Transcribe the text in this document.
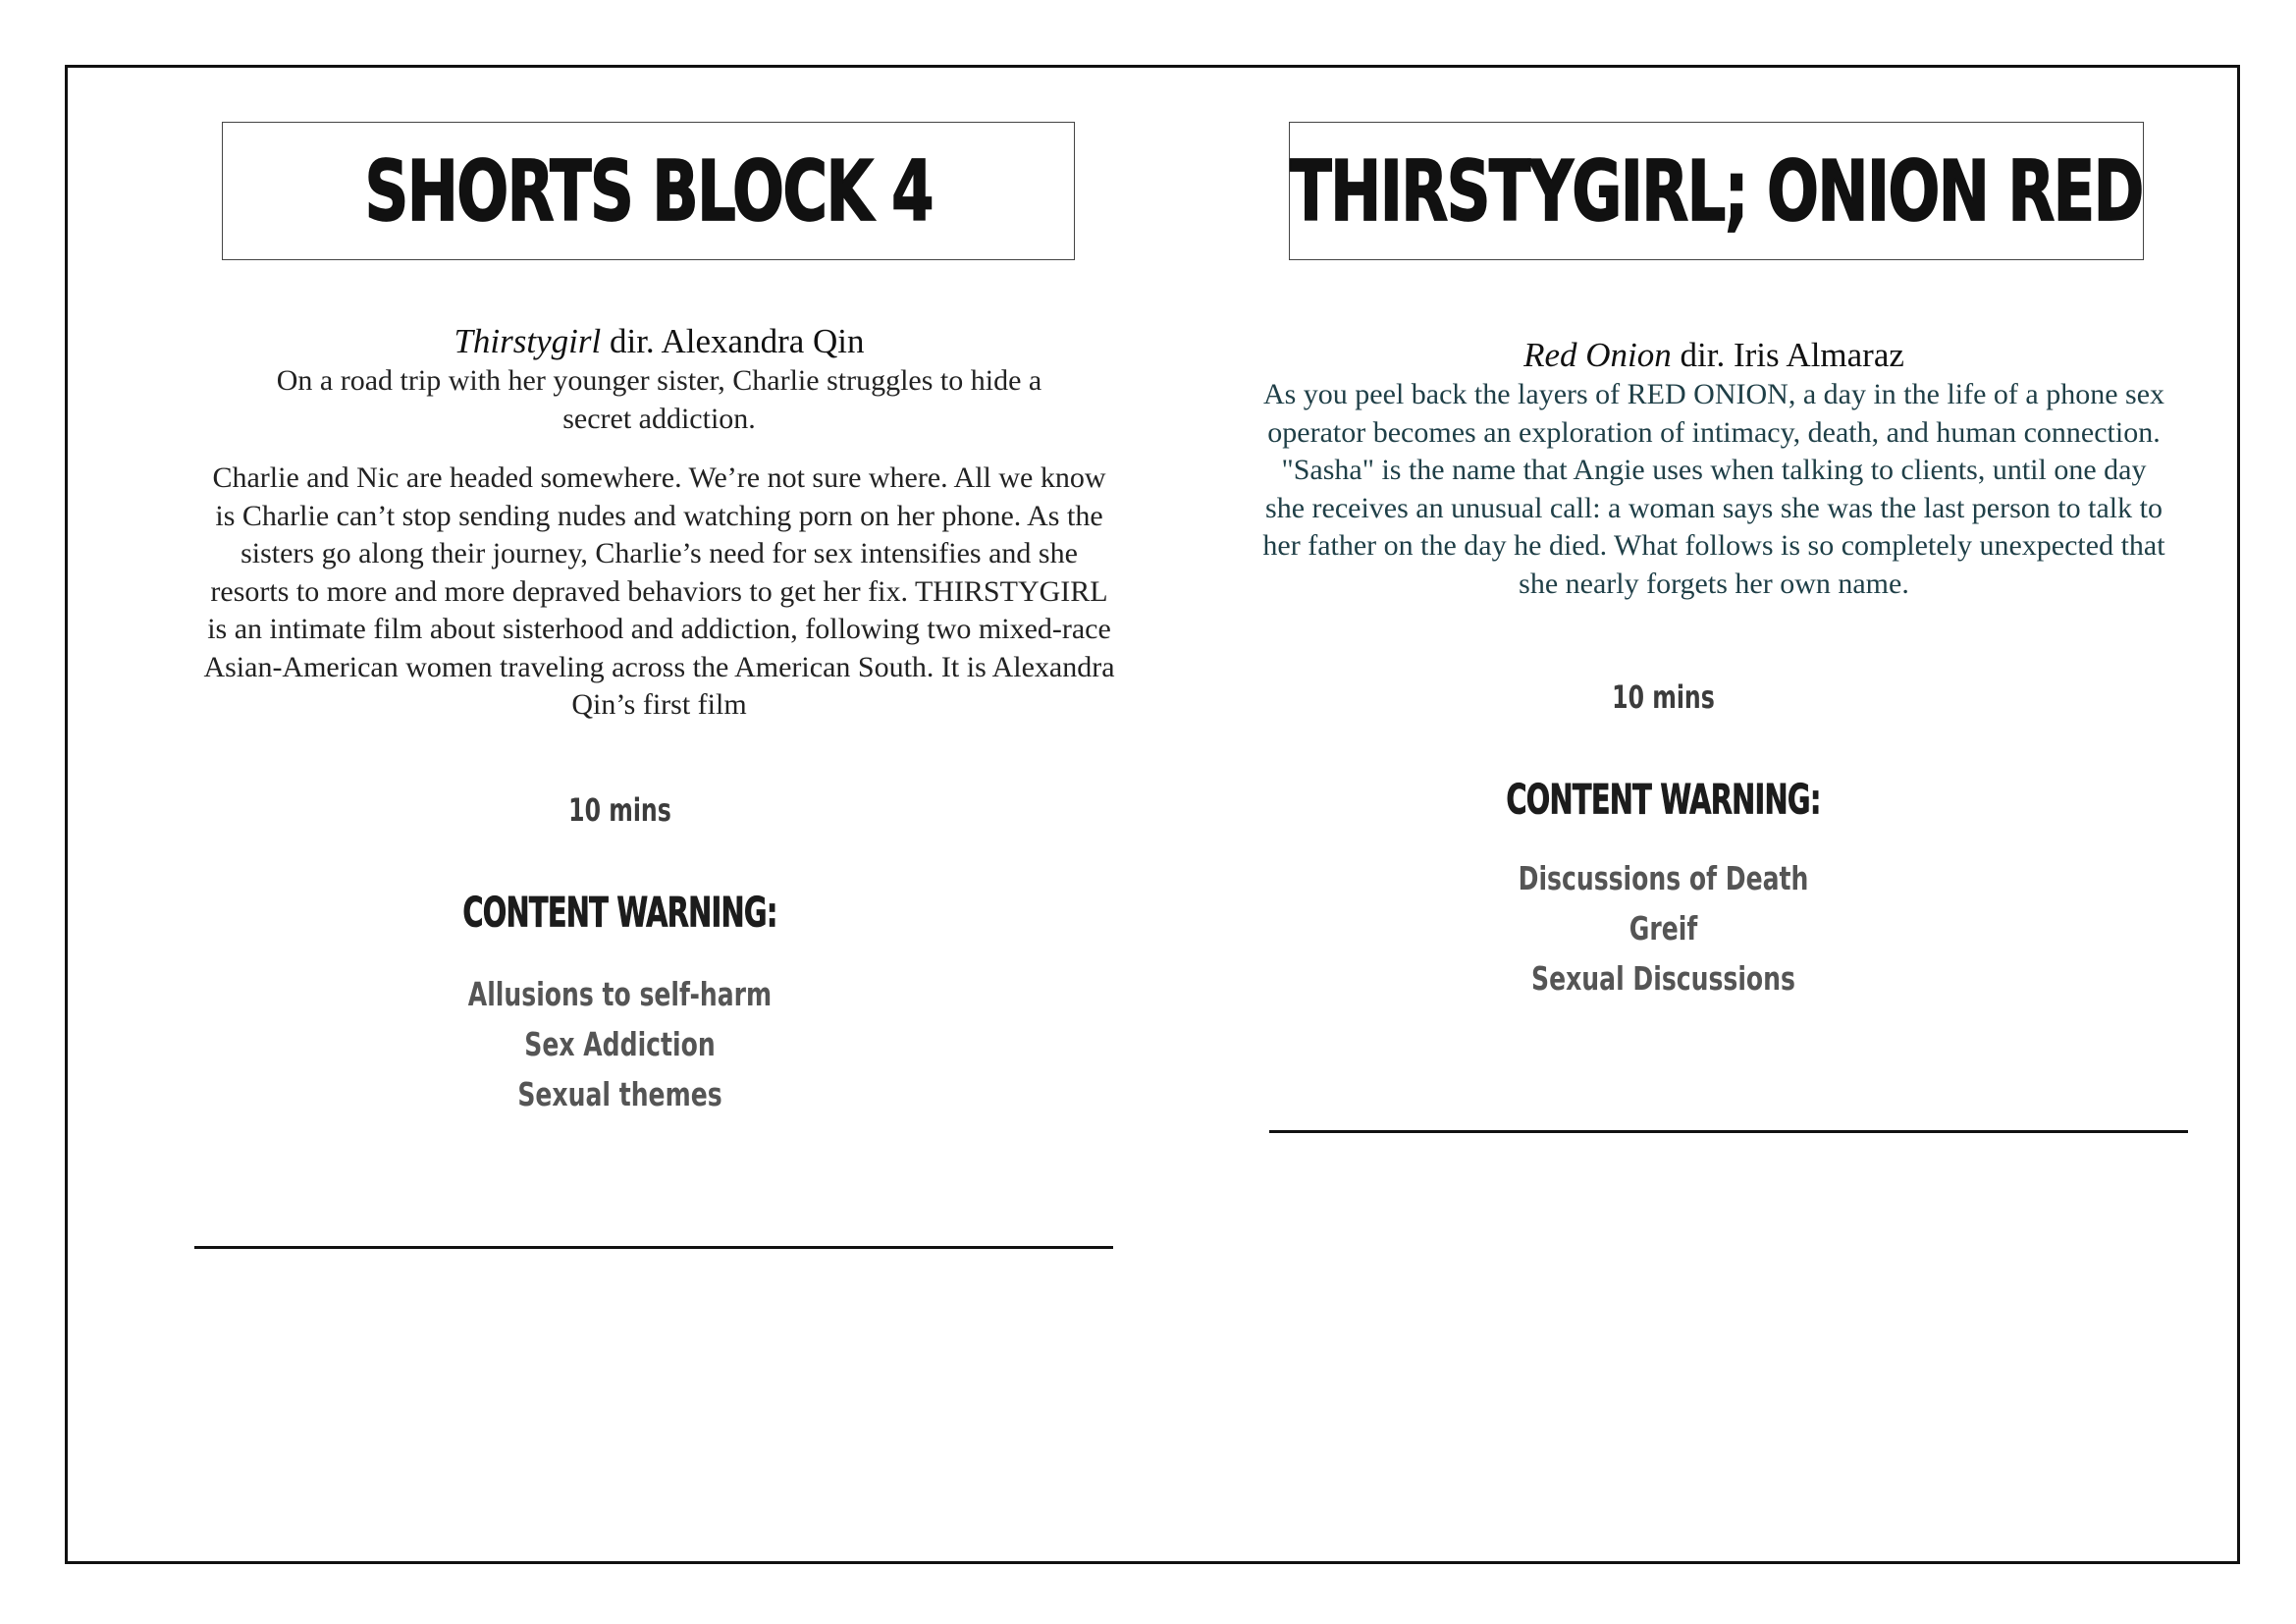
SHORTS BLOCK 4
Thirstygirl dir. Alexandra Qin

On a road trip with her younger sister, Charlie struggles to hide a secret addiction.

Charlie and Nic are headed somewhere. We’re not sure where. All we know is Charlie can’t stop sending nudes and watching porn on her phone. As the sisters go along their journey, Charlie’s need for sex intensifies and she resorts to more and more depraved behaviors to get her fix. THIRSTYGIRL is an intimate film about sisterhood and addiction, following two mixed-race Asian-American women traveling across the American South. It is Alexandra Qin’s first film

10 mins
CONTENT WARNING:
Allusions to self-harm
Sex Addiction
Sexual themes
THIRSTYGIRL; ONION RED
Red Onion dir. Iris Almaraz

As you peel back the layers of RED ONION, a day in the life of a phone sex operator becomes an exploration of intimacy, death, and human connection. "Sasha" is the name that Angie uses when talking to clients, until one day she receives an unusual call: a woman says she was the last person to talk to her father on the day he died. What follows is so completely unexpected that she nearly forgets her own name.

10 mins
CONTENT WARNING:
Discussions of Death
Greif
Sexual Discussions
